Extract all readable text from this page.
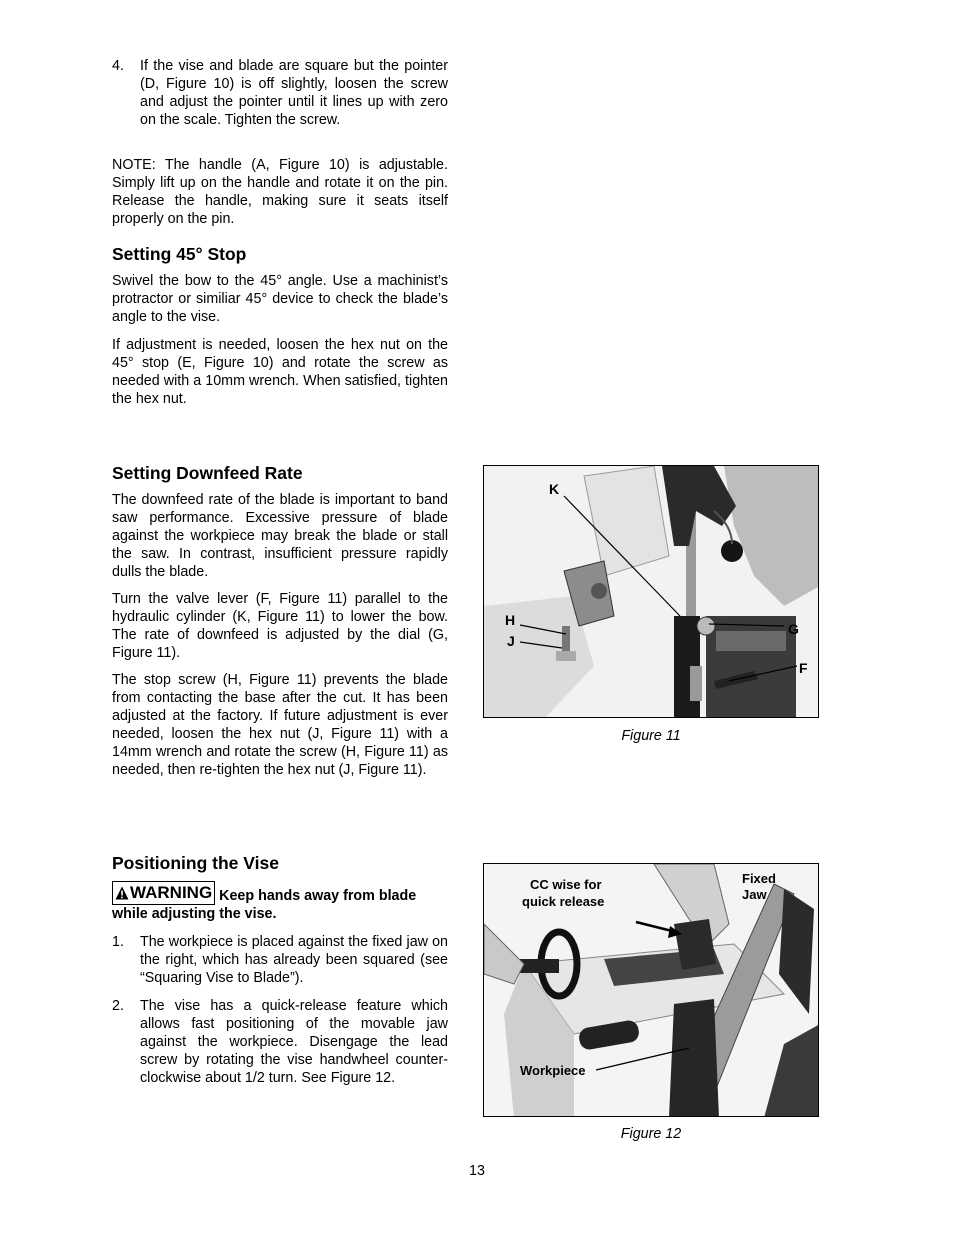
4.	If the vise and blade are square but the pointer (D, Figure 10) is off slightly, loosen the screw and adjust the pointer until it lines up with zero on the scale. Tighten the screw.

NOTE: The handle (A, Figure 10) is adjustable. Simply lift up on the handle and rotate it on the pin. Release the handle, making sure it seats itself properly on the pin.

Setting 45° Stop

Swivel the bow to the 45° angle. Use a machinist’s protractor or similiar 45° device to check the blade’s angle to the vise.

If adjustment is needed, loosen the hex nut on the 45° stop (E, Figure 10) and rotate the screw as needed with a 10mm wrench. When satisfied, tighten the hex nut.

Setting Downfeed Rate

The downfeed rate of the blade is important to band saw performance. Excessive pressure of blade against the workpiece may break the blade or stall the saw. In contrast, insufficient pressure rapidly dulls the blade.

Turn the valve lever (F, Figure 11) parallel to the hydraulic cylinder (K, Figure 11) to lower the bow. The rate of downfeed is adjusted by the dial (G, Figure 11).

The stop screw (H, Figure 11) prevents the blade from contacting the base after the cut. It has been adjusted at the factory. If future adjustment is ever needed, loosen the hex nut (J, Figure 11) with a 14mm wrench and rotate the screw (H, Figure 11) as needed, then re-tighten the hex nut (J, Figure 11).

Positioning the Vise
WARNING Keep hands away from blade while adjusting the vise.
1.	The workpiece is placed against the fixed jaw on the right, which has already been squared (see “Squaring Vise to Blade”).
2.	The vise has a quick-release feature which allows fast positioning of the movable jaw against the workpiece. Disengage the lead screw by rotating the vise handwheel counter-clockwise about 1/2 turn. See Figure 12.
K
H
J
G
F
Figure 11
CC wise for
quick release
Fixed
Jaw
Workpiece
Figure 12
13
